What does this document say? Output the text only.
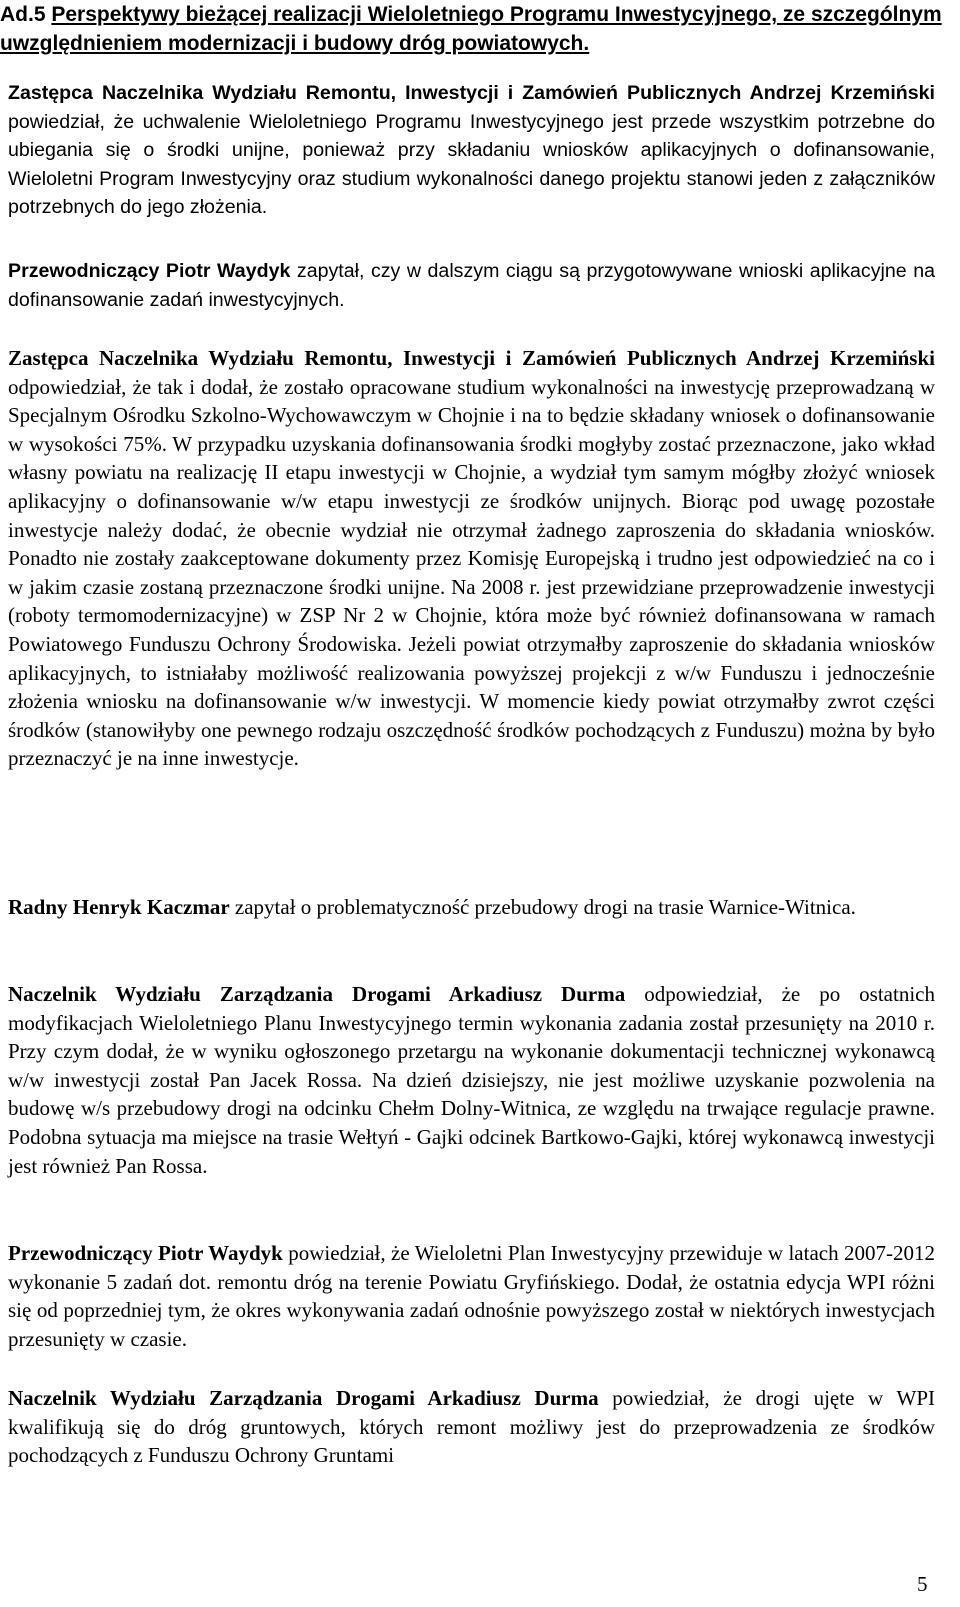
Ad.5 Perspektywy bieżącej realizacji Wieloletniego Programu Inwestycyjnego, ze szczególnym uwzględnieniem modernizacji i budowy dróg powiatowych.

Zastępca Naczelnika Wydziału Remontu, Inwestycji i Zamówień Publicznych Andrzej Krzemiński powiedział, że uchwalenie Wieloletniego Programu Inwestycyjnego jest przede wszystkim potrzebne do ubiegania się o środki unijne, ponieważ przy składaniu wniosków aplikacyjnych o dofinansowanie, Wieloletni Program Inwestycyjny oraz studium wykonalności danego projektu stanowi jeden z załączników potrzebnych do jego złożenia.

Przewodniczący Piotr Waydyk zapytał, czy w dalszym ciągu są przygotowywane wnioski aplikacyjne na dofinansowanie zadań inwestycyjnych.

Zastępca Naczelnika Wydziału Remontu, Inwestycji i Zamówień Publicznych Andrzej Krzemiński odpowiedział, że tak i dodał, że zostało opracowane studium wykonalności na inwestycję przeprowadzaną w Specjalnym Ośrodku Szkolno-Wychowawczym w Chojnie i na to będzie składany wniosek o dofinansowanie w wysokości 75%. W przypadku uzyskania dofinansowania środki mogłyby zostać przeznaczone, jako wkład własny powiatu na realizację II etapu inwestycji w Chojnie, a wydział tym samym mógłby złożyć wniosek aplikacyjny o dofinansowanie w/w etapu inwestycji ze środków unijnych. Biorąc pod uwagę pozostałe inwestycje należy dodać, że obecnie wydział nie otrzymał żadnego zaproszenia do składania wniosków. Ponadto nie zostały zaakceptowane dokumenty przez Komisję Europejską i trudno jest odpowiedzieć na co i w jakim czasie zostaną przeznaczone środki unijne. Na 2008 r. jest przewidziane przeprowadzenie inwestycji (roboty termomodernizacyjne) w ZSP Nr 2 w Chojnie, która może być również dofinansowana w ramach Powiatowego Funduszu Ochrony Środowiska. Jeżeli powiat otrzymałby zaproszenie do składania wniosków aplikacyjnych, to istniałaby możliwość realizowania powyższej projekcji z w/w Funduszu i jednocześnie złożenia wniosku na dofinansowanie w/w inwestycji. W momencie kiedy powiat otrzymałby zwrot części środków (stanowiłyby one pewnego rodzaju oszczędność środków pochodzących z Funduszu) można by było przeznaczyć je na inne inwestycje.

Radny Henryk Kaczmar zapytał o problematyczność przebudowy drogi na trasie Warnice-Witnica.

Naczelnik Wydziału Zarządzania Drogami Arkadiusz Durma odpowiedział, że po ostatnich modyfikacjach Wieloletniego Planu Inwestycyjnego termin wykonania zadania został przesunięty na 2010 r. Przy czym dodał, że w wyniku ogłoszonego przetargu na wykonanie dokumentacji technicznej wykonawcą w/w inwestycji został Pan Jacek Rossa. Na dzień dzisiejszy, nie jest możliwe uzyskanie pozwolenia na budowę w/s przebudowy drogi na odcinku Chełm Dolny-Witnica, ze względu na trwające regulacje prawne. Podobna sytuacja ma miejsce na trasie Wełtyń - Gajki odcinek Bartkowo-Gajki, której wykonawcą inwestycji jest również Pan Rossa.

Przewodniczący Piotr Waydyk powiedział, że Wieloletni Plan Inwestycyjny przewiduje w latach 2007-2012 wykonanie 5 zadań dot. remontu dróg na terenie Powiatu Gryfińskiego. Dodał, że ostatnia edycja WPI różni się od poprzedniej tym, że okres wykonywania zadań odnośnie powyższego został w niektórych inwestycjach przesunięty w czasie.

Naczelnik Wydziału Zarządzania Drogami Arkadiusz Durma powiedział, że drogi ujęte w WPI kwalifikują się do dróg gruntowych, których remont możliwy jest do przeprowadzenia ze środków pochodzących z Funduszu Ochrony Gruntami

5
